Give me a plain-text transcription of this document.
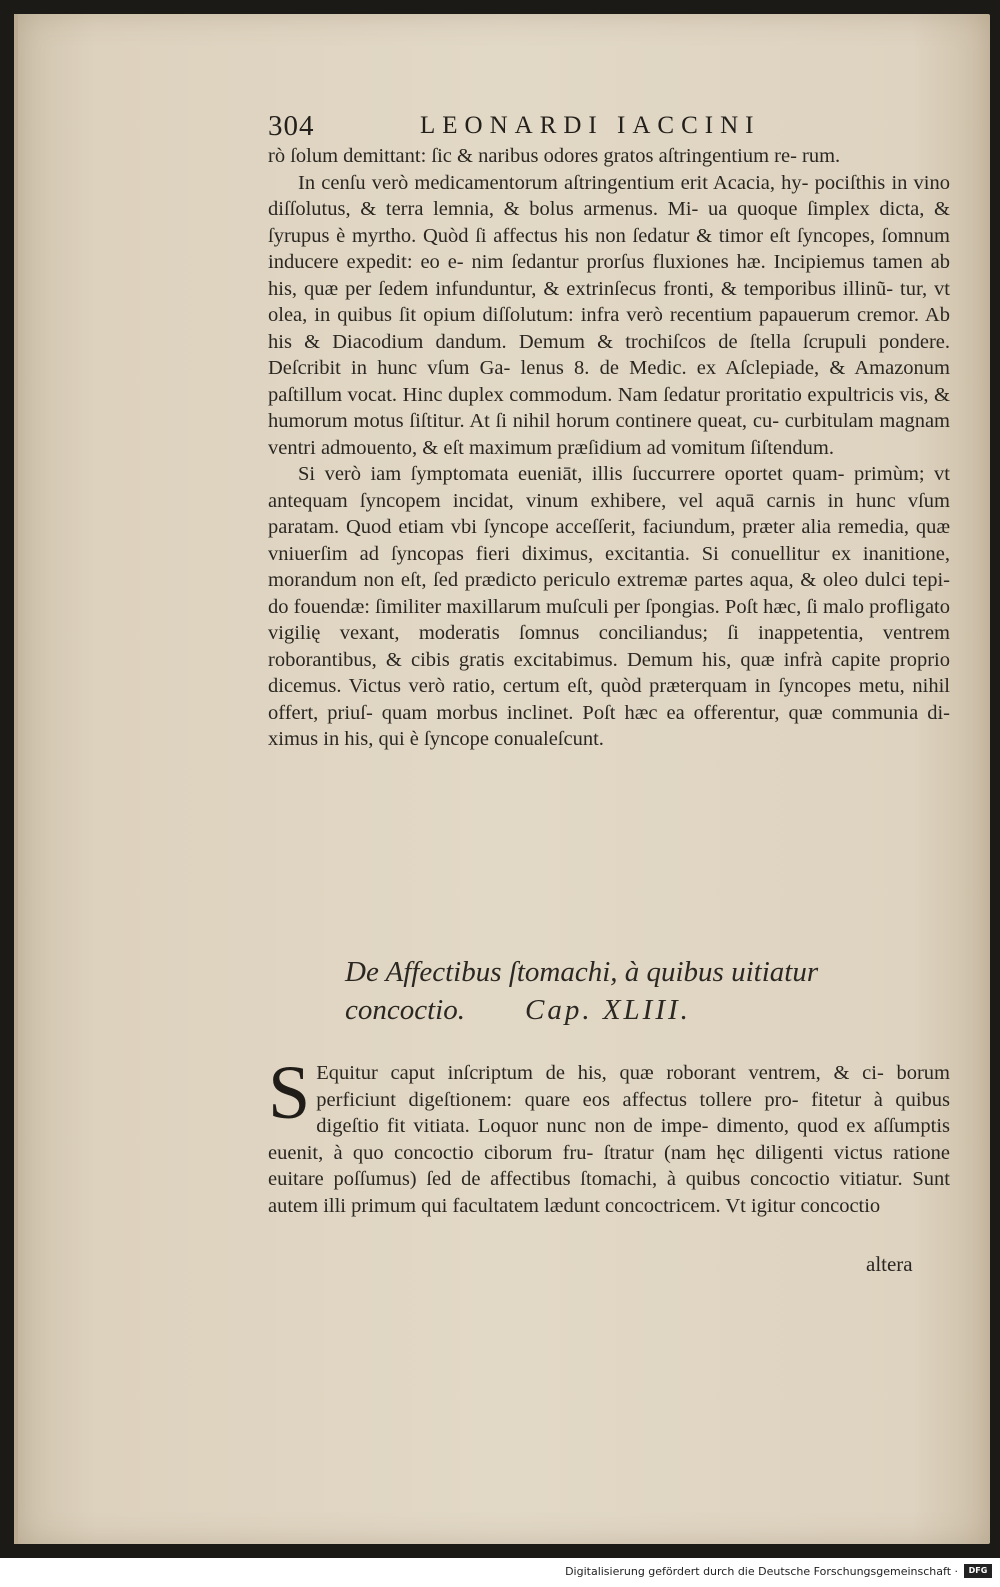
304	LEONARDI IACCINI

rò ſolum demittant: ſic & naribus odores gratos aſtringentium re- rum.

In cenſu verò medicamentorum aſtringentium erit Acacia, hy- pociſthis in vino diſſolutus, & terra lemnia, & bolus armenus. Mi- ua quoque ſimplex dicta, & ſyrupus è myrtho. Quòd ſi affectus his non ſedatur & timor eſt ſyncopes, ſomnum inducere expedit: eo e- nim ſedantur prorſus fluxiones hæ. Incipiemus tamen ab his, quæ per ſedem infunduntur, & extrinſecus fronti, & temporibus illinũ- tur, vt olea, in quibus ſit opium diſſolutum: infra verò recentium papauerum cremor. Ab his & Diacodium dandum. Demum & trochiſcos de ſtella ſcrupuli pondere. Deſcribit in hunc vſum Ga- lenus 8. de Medic. ex Aſclepiade, & Amazonum paſtillum vocat. Hinc duplex commodum. Nam ſedatur proritatio expultricis vis, & humorum motus ſiſtitur. At ſi nihil horum continere queat, cu- curbitulam magnam ventri admouento, & eſt maximum præſidium ad vomitum ſiſtendum.

Si verò iam ſymptomata eueniāt, illis ſuccurrere oportet quam- primùm; vt antequam ſyncopem incidat, vinum exhibere, vel aquā carnis in hunc vſum paratam. Quod etiam vbi ſyncope acceſſerit, faciundum, præter alia remedia, quæ vniuerſim ad ſyncopas fieri diximus, excitantia. Si conuellitur ex inanitione, morandum non eſt, ſed prædicto periculo extremæ partes aqua, & oleo dulci tepi- do fouendæ: ſimiliter maxillarum muſculi per ſpongias. Poſt hæc, ſi malo profligato vigilię vexant, moderatis ſomnus conciliandus; ſi inappetentia, ventrem roborantibus, & cibis gratis excitabimus. Demum his, quæ infrà capite proprio dicemus. Victus verò ratio, certum eſt, quòd præterquam in ſyncopes metu, nihil offert, priuſ- quam morbus inclinet. Poſt hæc ea offerentur, quæ communia di- ximus in his, qui è ſyncope conualeſcunt.

De Affectibus ſtomachi, à quibus uitiatur
concoctio. Cap. XLIII.
S Equitur caput inſcriptum de his, quæ roborant ventrem, & ci- borum perficiunt digeſtionem: quare eos affectus tollere pro- fitetur à quibus digeſtio fit vitiata. Loquor nunc non de impe- dimento, quod ex aſſumptis euenit, à quo concoctio ciborum fru- ſtratur (nam hęc diligenti victus ratione euitare poſſumus) ſed de affectibus ſtomachi, à quibus concoctio vitiatur. Sunt autem illi primum qui facultatem lædunt concoctricem. Vt igitur concoctio
altera
Digitalisierung gefördert durch die Deutsche Forschungsgemeinschaft ·	DFG
